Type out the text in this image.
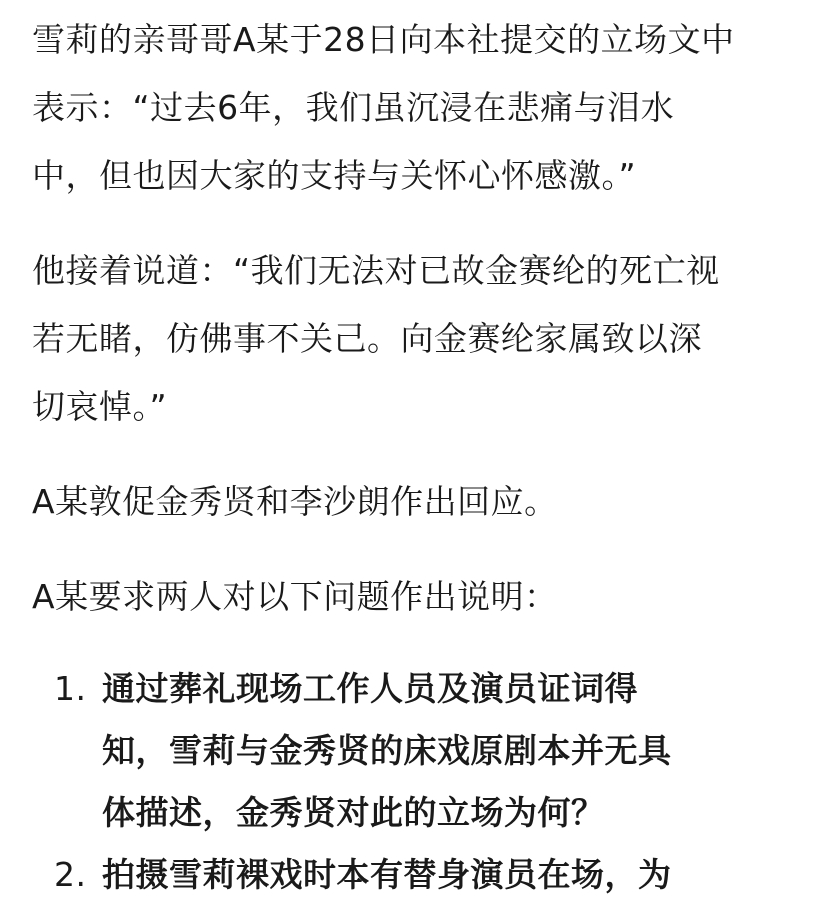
雪莉的亲哥哥A某于28日向本社提交的立场文中
表示：“过去6年，我们虽沉浸在悲痛与泪水
中，但也因大家的支持与关怀心怀感激。”

他接着说道：“我们无法对已故金赛纶的死亡视
若无睹，仿佛事不关己。向金赛纶家属致以深
切哀悼。”

A某敦促金秀贤和李沙朗作出回应。

A某要求两人对以下问题作出说明：

1. 通过葬礼现场工作人员及演员证词得
知，雪莉与金秀贤的床戏原剧本并无具
体描述，金秀贤对此的立场为何？
2. 拍摄雪莉裸戏时本有替身演员在场，为
